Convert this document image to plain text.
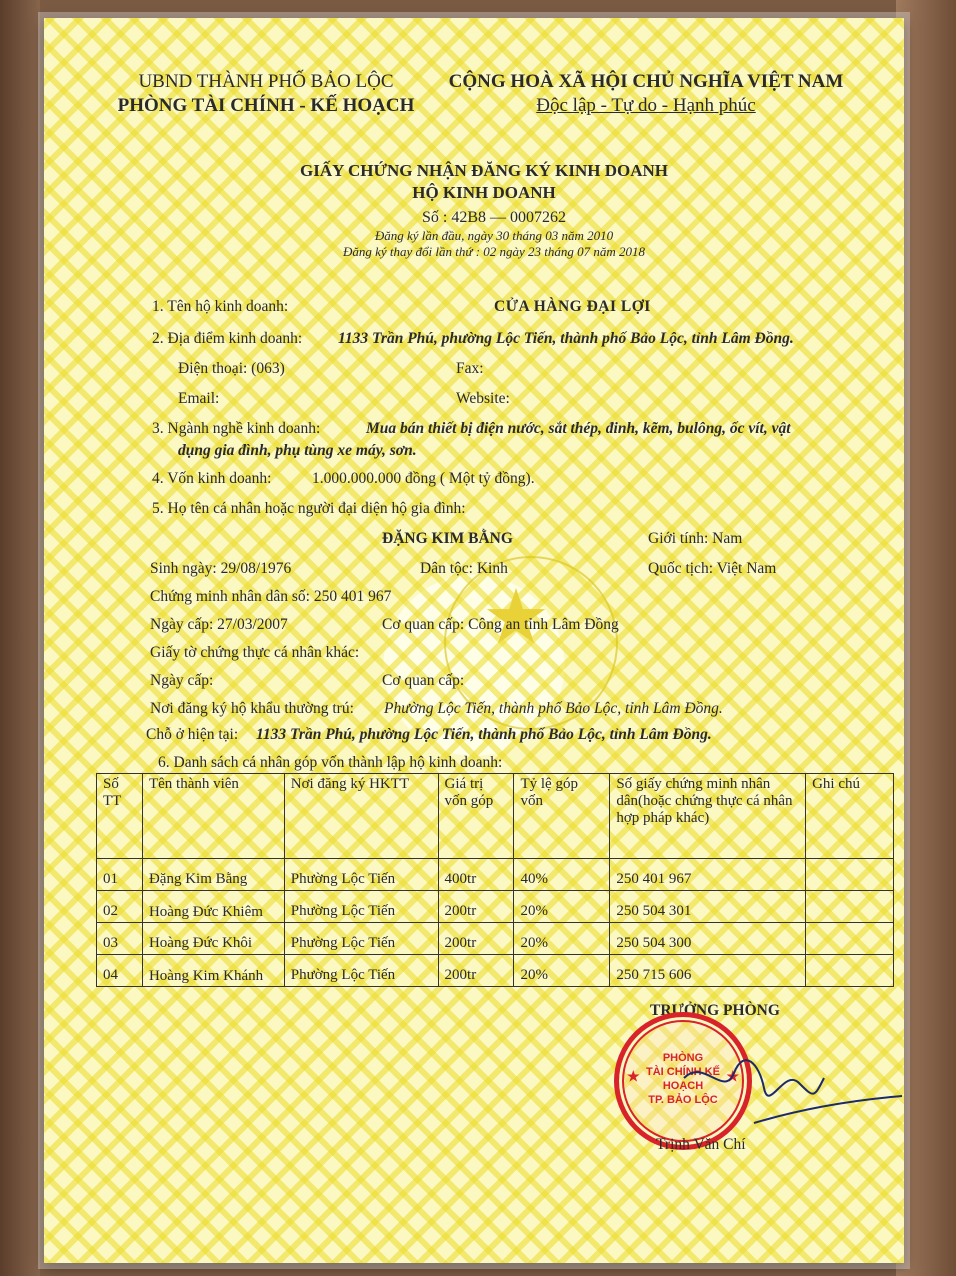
★
UBND THÀNH PHỐ BẢO LỘC
PHÒNG TÀI CHÍNH - KẾ HOẠCH
CỘNG HOÀ XÃ HỘI CHỦ NGHĨA VIỆT NAM
Độc lập - Tự do - Hạnh phúc
GIẤY CHỨNG NHẬN ĐĂNG KÝ KINH DOANH
HỘ KINH DOANH
Số : 42B8 — 0007262
Đăng ký lần đầu, ngày 30 tháng 03 năm 2010
Đăng ký thay đổi lần thứ : 02 ngày 23 tháng 07 năm 2018
1. Tên hộ kinh doanh:	CỬA HÀNG ĐẠI LỢI
2. Địa điểm kinh doanh: 1133 Trần Phú, phường Lộc Tiến, thành phố Bảo Lộc, tỉnh Lâm Đồng.
Điện thoại: (063)	Fax:
Email:	Website:
3. Ngành nghề kinh doanh:	Mua bán thiết bị điện nước, sắt thép, đinh, kẽm, bulông, ốc vít, vật
dụng gia đình, phụ tùng xe máy, sơn.
4. Vốn kinh doanh:	1.000.000.000 đồng ( Một tỷ đồng).
5. Họ tên cá nhân hoặc người đại diện hộ gia đình:
ĐẶNG KIM BẰNG	Giới tính: Nam
Sinh ngày: 29/08/1976	Dân tộc: Kinh	Quốc tịch: Việt Nam
Chứng minh nhân dân số: 250 401 967
Ngày cấp: 27/03/2007	Cơ quan cấp: Công an tỉnh Lâm Đồng
Giấy tờ chứng thực cá nhân khác:
Ngày cấp:	Cơ quan cấp:
Nơi đăng ký hộ khẩu thường trú: Phường Lộc Tiến, thành phố Bảo Lộc, tỉnh Lâm Đồng.
Chỗ ở hiện tại: 1133 Trần Phú, phường Lộc Tiến, thành phố Bảo Lộc, tỉnh Lâm Đồng.
6. Danh sách cá nhân góp vốn thành lập hộ kinh doanh:
Số TT	Tên thành viên	Nơi đăng ký HKTT	Giá trị vốn góp	Tỷ lệ góp vốn	Số giấy chứng minh nhân dân(hoặc chứng thực cá nhân hợp pháp khác)	Ghi chú
01	Đặng Kim Bằng	Phường Lộc Tiến	400tr	40%	250 401 967	
02	Hoàng Đức Khiêm	Phường Lộc Tiến	200tr	20%	250 504 301	
03	Hoàng Đức Khôi	Phường Lộc Tiến	200tr	20%	250 504 300	
04	Hoàng Kim Khánh	Phường Lộc Tiến	200tr	20%	250 715 606	
TRƯỞNG PHÒNG
★	★
PHÒNG
TÀI CHÍNH KẾ HOẠCH
TP. BẢO LỘC
Trịnh Văn Chí
